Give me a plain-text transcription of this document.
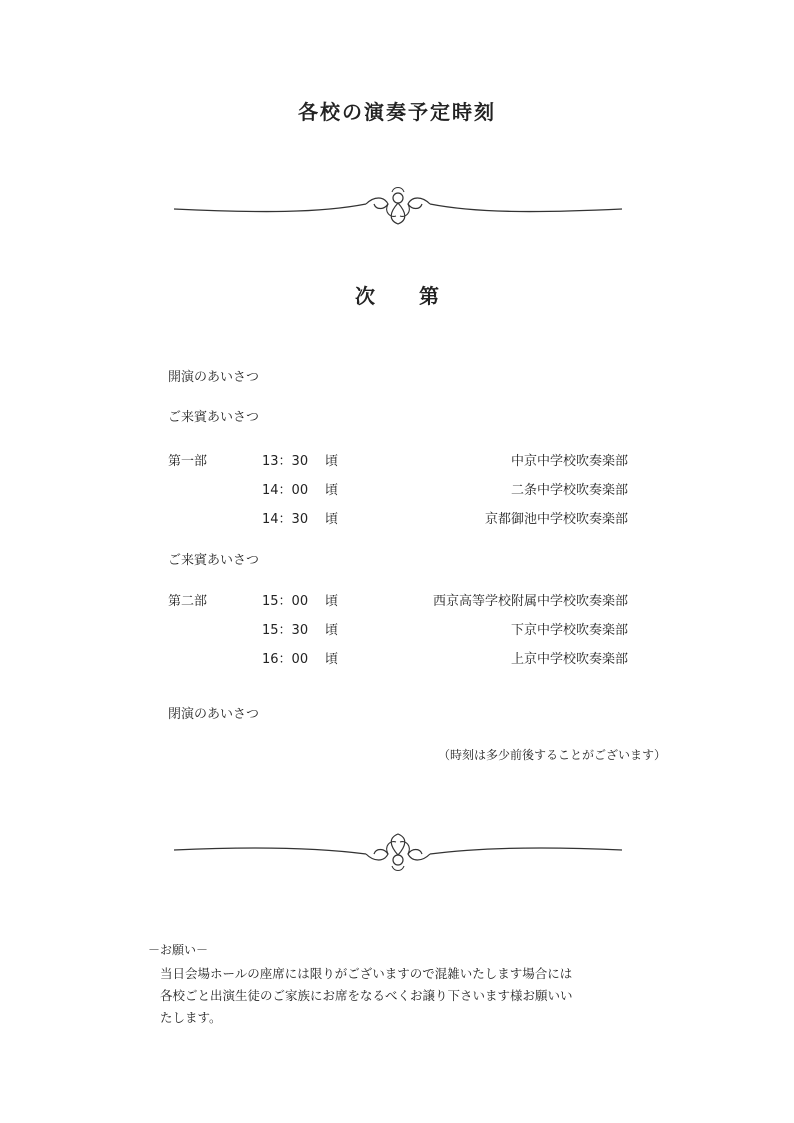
各校の演奏予定時刻
次第
開演のあいさつ
ご来賓あいさつ
第一部	13：30 頃	中京中学校吹奏楽部
14：00 頃	二条中学校吹奏楽部
14：30 頃	京都御池中学校吹奏楽部
ご来賓あいさつ
第二部	15：00 頃	西京高等学校附属中学校吹奏楽部
15：30 頃	下京中学校吹奏楽部
16：00 頃	上京中学校吹奏楽部
閉演のあいさつ
（時刻は多少前後することがございます）
－お願い－
当日会場ホールの座席には限りがございますので混雑いたします場合には
各校ごと出演生徒のご家族にお席をなるべくお譲り下さいます様お願いい
たします。
